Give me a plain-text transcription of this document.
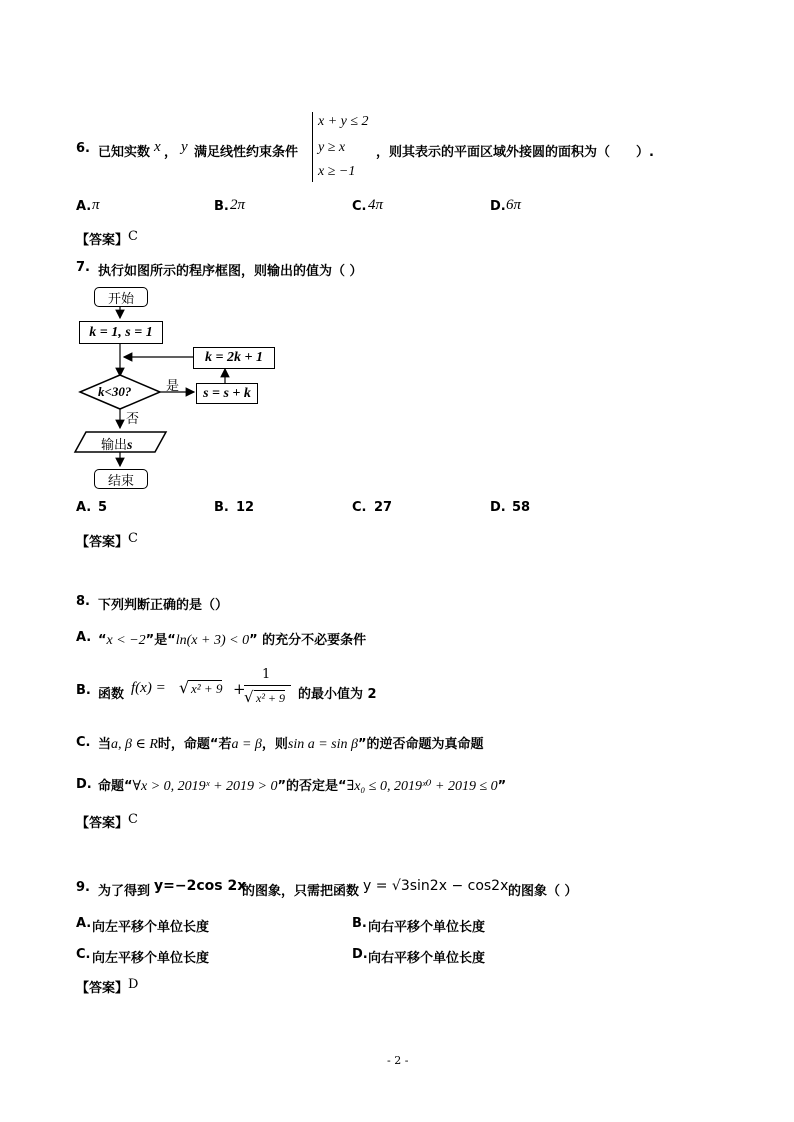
6. 已知实数 x ， y 满足线性约束条件
x + y ≤ 2
y ≥ x
x ≥ −1
，则其表示的平面区域外接圆的面积为（　　）.
A. π	B. 2π	C. 4π	D. 6π
【答案】 C
7. 执行如图所示的程序框图，则输出的值为（ ）
开始
k = 1, s = 1
k = 2k + 1
s = s + k
k<30?	是
否
输出s
结束
A. 5	B. 12	C. 27	D. 58
【答案】 C
8. 下列判断正确的是（）
A. “x < −2”是“ln(x + 3) < 0” 的充分不必要条件
B. 函数 f(x) = x² + 9
√	+
1
√ x² + 9 的最小值为 2
C. 当a, β ∈ R时，命题“若a = β，则sin a = sin β”的逆否命题为真命题
D. 命题“∀x > 0, 2019ˣ + 2019 > 0”的否定是“∃x₀ ≤ 0, 2019ˣ⁰ + 2019 ≤ 0”
【答案】 C
9. 为了得到 y=−2cos 2x
的图象，只需把函数 y = √3sin2x − cos2x 的图象（ ）
A. 向左平移个单位长度	B. 向右平移个单位长度
C. 向左平移个单位长度	D. 向右平移个单位长度
【答案】 D
- 2 -
